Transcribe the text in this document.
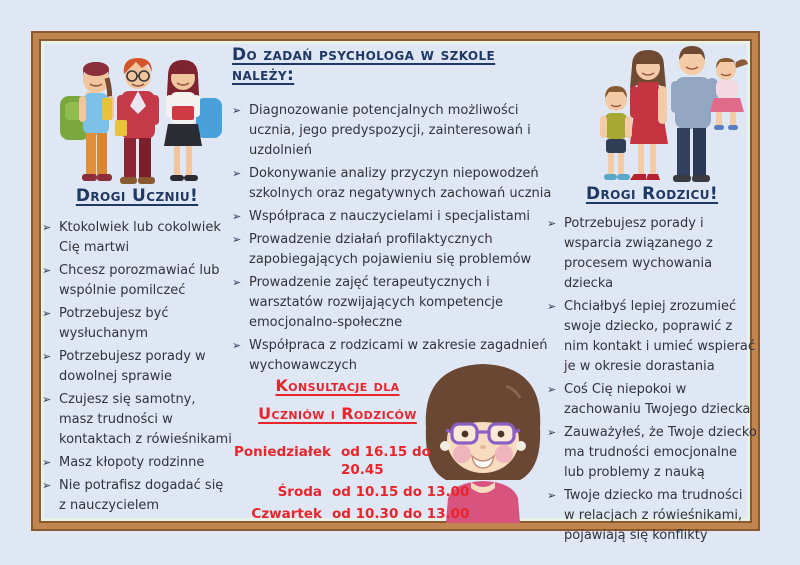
Drogi Uczniu!
➢ Ktokolwiek lub cokolwiek Cię martwi
➢ Chcesz porozmawiać lub wspólnie pomilczeć
➢ Potrzebujesz być wysłuchanym
➢ Potrzebujesz porady w dowolnej sprawie
➢ Czujesz się samotny, masz trudności w kontaktach z rówieśnikami
➢ Masz kłopoty rodzinne
➢ Nie potrafisz dogadać się z nauczycielem
Do zadań psychologa w szkole należy:
➢ Diagnozowanie potencjalnych możliwości ucznia, jego predyspozycji, zainteresowań i uzdolnień
➢ Dokonywanie analizy przyczyn niepowodzeń szkolnych oraz negatywnych zachowań ucznia
➢ Współpraca z nauczycielami i specjalistami
➢ Prowadzenie działań profilaktycznych zapobiegających pojawieniu się problemów
➢ Prowadzenie zajęć terapeutycznych i warsztatów rozwijających kompetencje emocjonalno-społeczne
➢ Współpraca z rodzicami w zakresie zagadnień wychowawczych
Konsultacje dla
Uczniów i Rodziców
Poniedziałek od 16.15 do 20.45
Środa od 10.15 do 13.00
Czwartek od 10.30 do 13.00
Drogi Rodzicu!
➢ Potrzebujesz porady i wsparcia związanego z procesem wychowania dziecka
➢ Chciałbyś lepiej zrozumieć swoje dziecko, poprawić z nim kontakt i umieć wspierać je w okresie dorastania
➢ Coś Cię niepokoi w zachowaniu Twojego dziecka
➢ Zauważyłeś, że Twoje dziecko ma trudności emocjonalne lub problemy z nauką
➢ Twoje dziecko ma trudności w relacjach z rówieśnikami, pojawiają się konflikty
